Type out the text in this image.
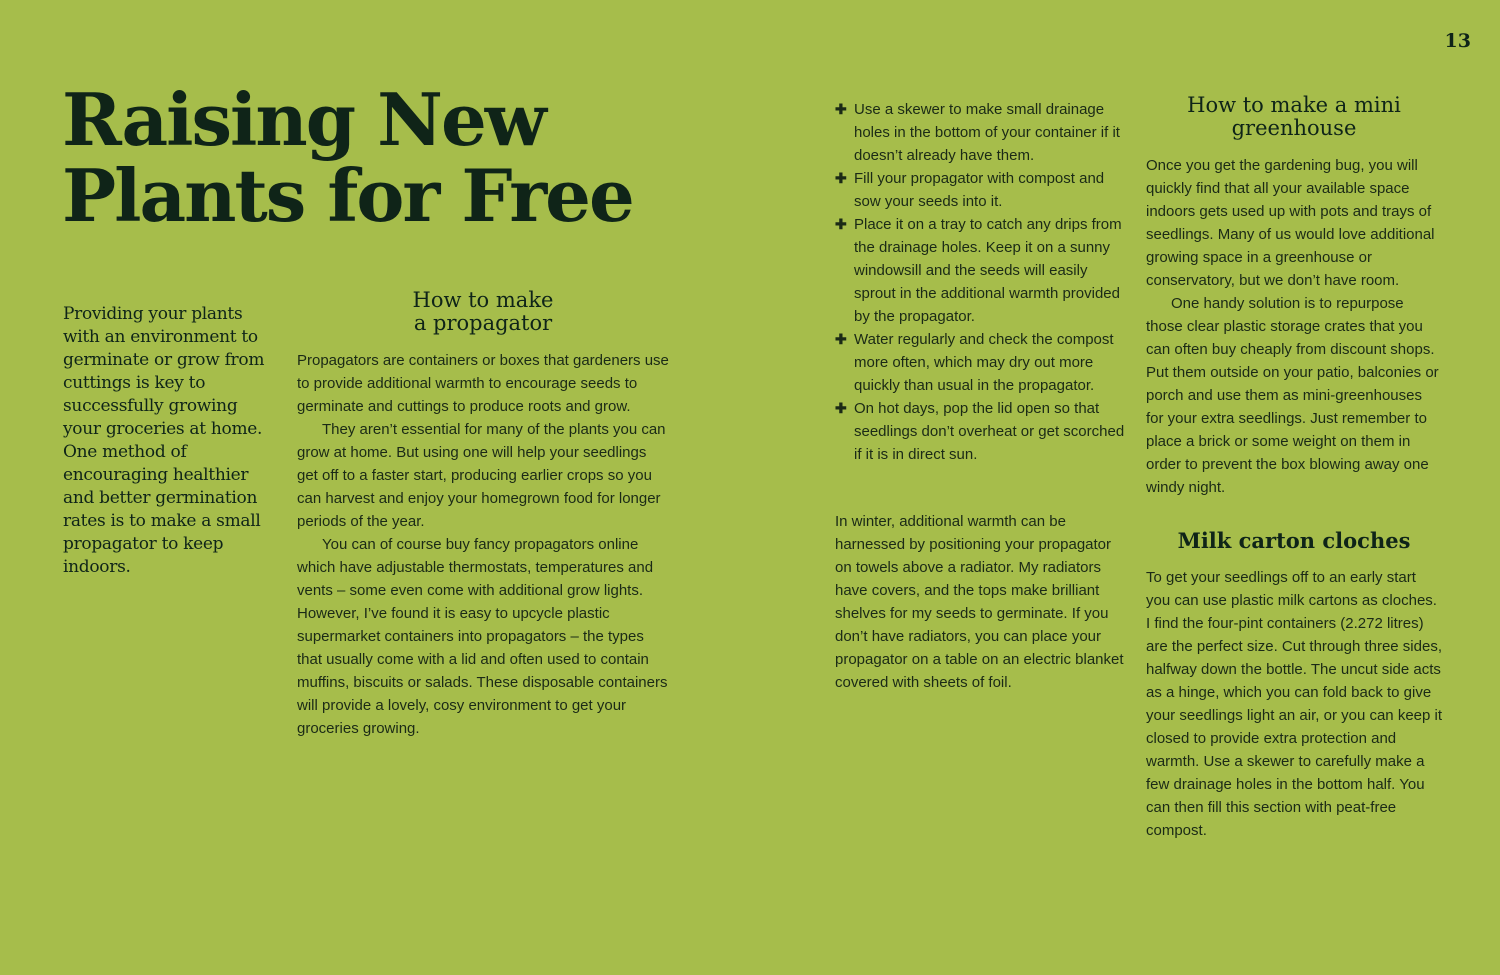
13
Raising New
Plants for Free

Providing your plants with an environment to germinate or grow from cuttings is key to successfully growing your groceries at home. One method of encouraging healthier and better germination rates is to make a small propagator to keep indoors.

How to make
a propagator

Propagators are containers or boxes that gardeners use to provide additional warmth to encourage seeds to germinate and cuttings to produce roots and grow.

They aren’t essential for many of the plants you can grow at home. But using one will help your seedlings get off to a faster start, producing earlier crops so you can harvest and enjoy your homegrown food for longer periods of the year.

You can of course buy fancy propagators online which have adjustable thermostats, temperatures and vents – some even come with additional grow lights. However, I’ve found it is easy to upcycle plastic supermarket containers into propagators – the types that usually come with a lid and often used to contain muffins, biscuits or salads. These disposable containers will provide a lovely, cosy environment to get your groceries growing.

✚ Use a skewer to make small drainage holes in the bottom of your container if it doesn’t already have them.
✚ Fill your propagator with compost and sow your seeds into it.
✚ Place it on a tray to catch any drips from the drainage holes. Keep it on a sunny windowsill and the seeds will easily sprout in the additional warmth provided by the propagator.
✚ Water regularly and check the compost more often, which may dry out more quickly than usual in the propagator.
✚ On hot days, pop the lid open so that seedlings don’t overheat or get scorched if it is in direct sun.

In winter, additional warmth can be harnessed by positioning your propagator on towels above a radiator. My radiators have covers, and the tops make brilliant shelves for my seeds to germinate. If you don’t have radiators, you can place your propagator on a table on an electric blanket covered with sheets of foil.

How to make a mini
greenhouse

Once you get the gardening bug, you will quickly find that all your available space indoors gets used up with pots and trays of seedlings. Many of us would love additional growing space in a greenhouse or conservatory, but we don’t have room.

One handy solution is to repurpose those clear plastic storage crates that you can often buy cheaply from discount shops. Put them outside on your patio, balconies or porch and use them as mini-greenhouses for your extra seedlings. Just remember to place a brick or some weight on them in order to prevent the box blowing away one windy night.

Milk carton cloches

To get your seedlings off to an early start you can use plastic milk cartons as cloches. I find the four-pint containers (2.272 litres) are the perfect size. Cut through three sides, halfway down the bottle. The uncut side acts as a hinge, which you can fold back to give your seedlings light an air, or you can keep it closed to provide extra protection and warmth. Use a skewer to carefully make a few drainage holes in the bottom half. You can then fill this section with peat-free compost.
